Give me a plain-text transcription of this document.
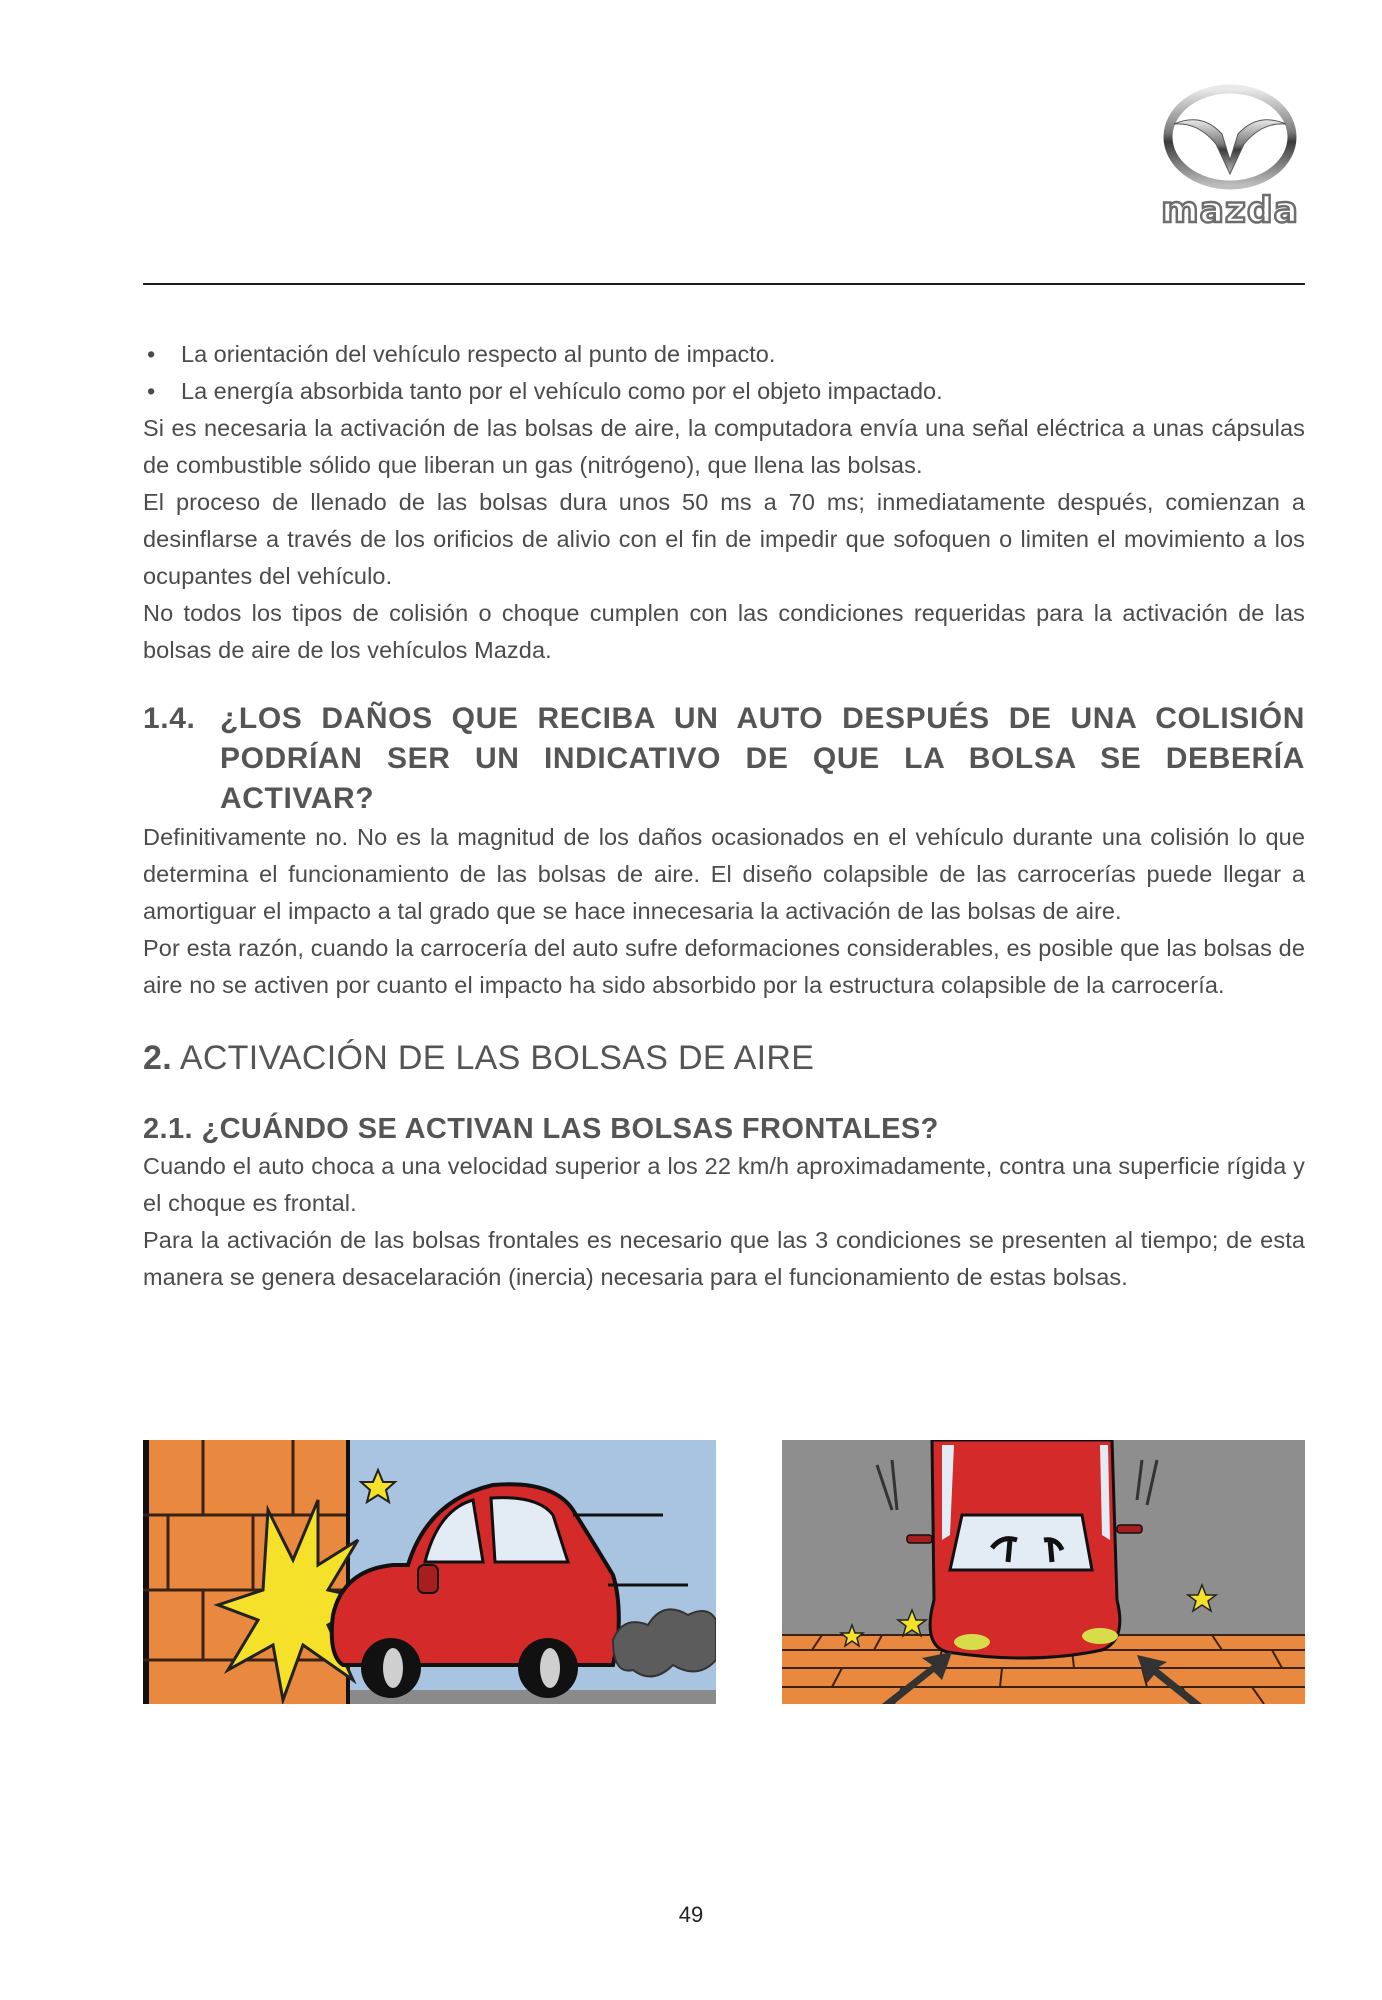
mazda
• La orientación del vehículo respecto al punto de impacto.
• La energía absorbida tanto por el vehículo como por el objeto impactado.

Si es necesaria la activación de las bolsas de aire, la computadora envía una señal eléctrica a unas cápsulas de combustible sólido que liberan un gas (nitrógeno), que llena las bolsas.

El proceso de llenado de las bolsas dura unos 50 ms a 70 ms; inmediatamente después, comienzan a desinflarse a través de los orificios de alivio con el fin de impedir que sofoquen o limiten el movimiento a los ocupantes del vehículo.

No todos los tipos de colisión o choque cumplen con las condiciones requeridas para la activación de las bolsas de aire de los vehículos Mazda.

1.4. ¿LOS DAÑOS QUE RECIBA UN AUTO DESPUÉS DE UNA COLISIÓN PODRÍAN SER UN INDICATIVO DE QUE LA BOLSA SE DEBERÍA ACTIVAR?

Definitivamente no. No es la magnitud de los daños ocasionados en el vehículo durante una colisión lo que determina el funcionamiento de las bolsas de aire. El diseño colapsible de las carrocerías puede llegar a amortiguar el impacto a tal grado que se hace innecesaria la activación de las bolsas de aire.

Por esta razón, cuando la carrocería del auto sufre deformaciones considerables, es posible que las bolsas de aire no se activen por cuanto el impacto ha sido absorbido por la estructura colapsible de la carrocería.

2. ACTIVACIÓN DE LAS BOLSAS DE AIRE
2.1. ¿CUÁNDO SE ACTIVAN LAS BOLSAS FRONTALES?

Cuando el auto choca a una velocidad superior a los 22 km/h aproximadamente, contra una superficie rígida y el choque es frontal.

Para la activación de las bolsas frontales es necesario que las 3 condiciones se presenten al tiempo; de esta manera se genera desacelaración (inercia) necesaria para el funcionamiento de estas bolsas.

49
